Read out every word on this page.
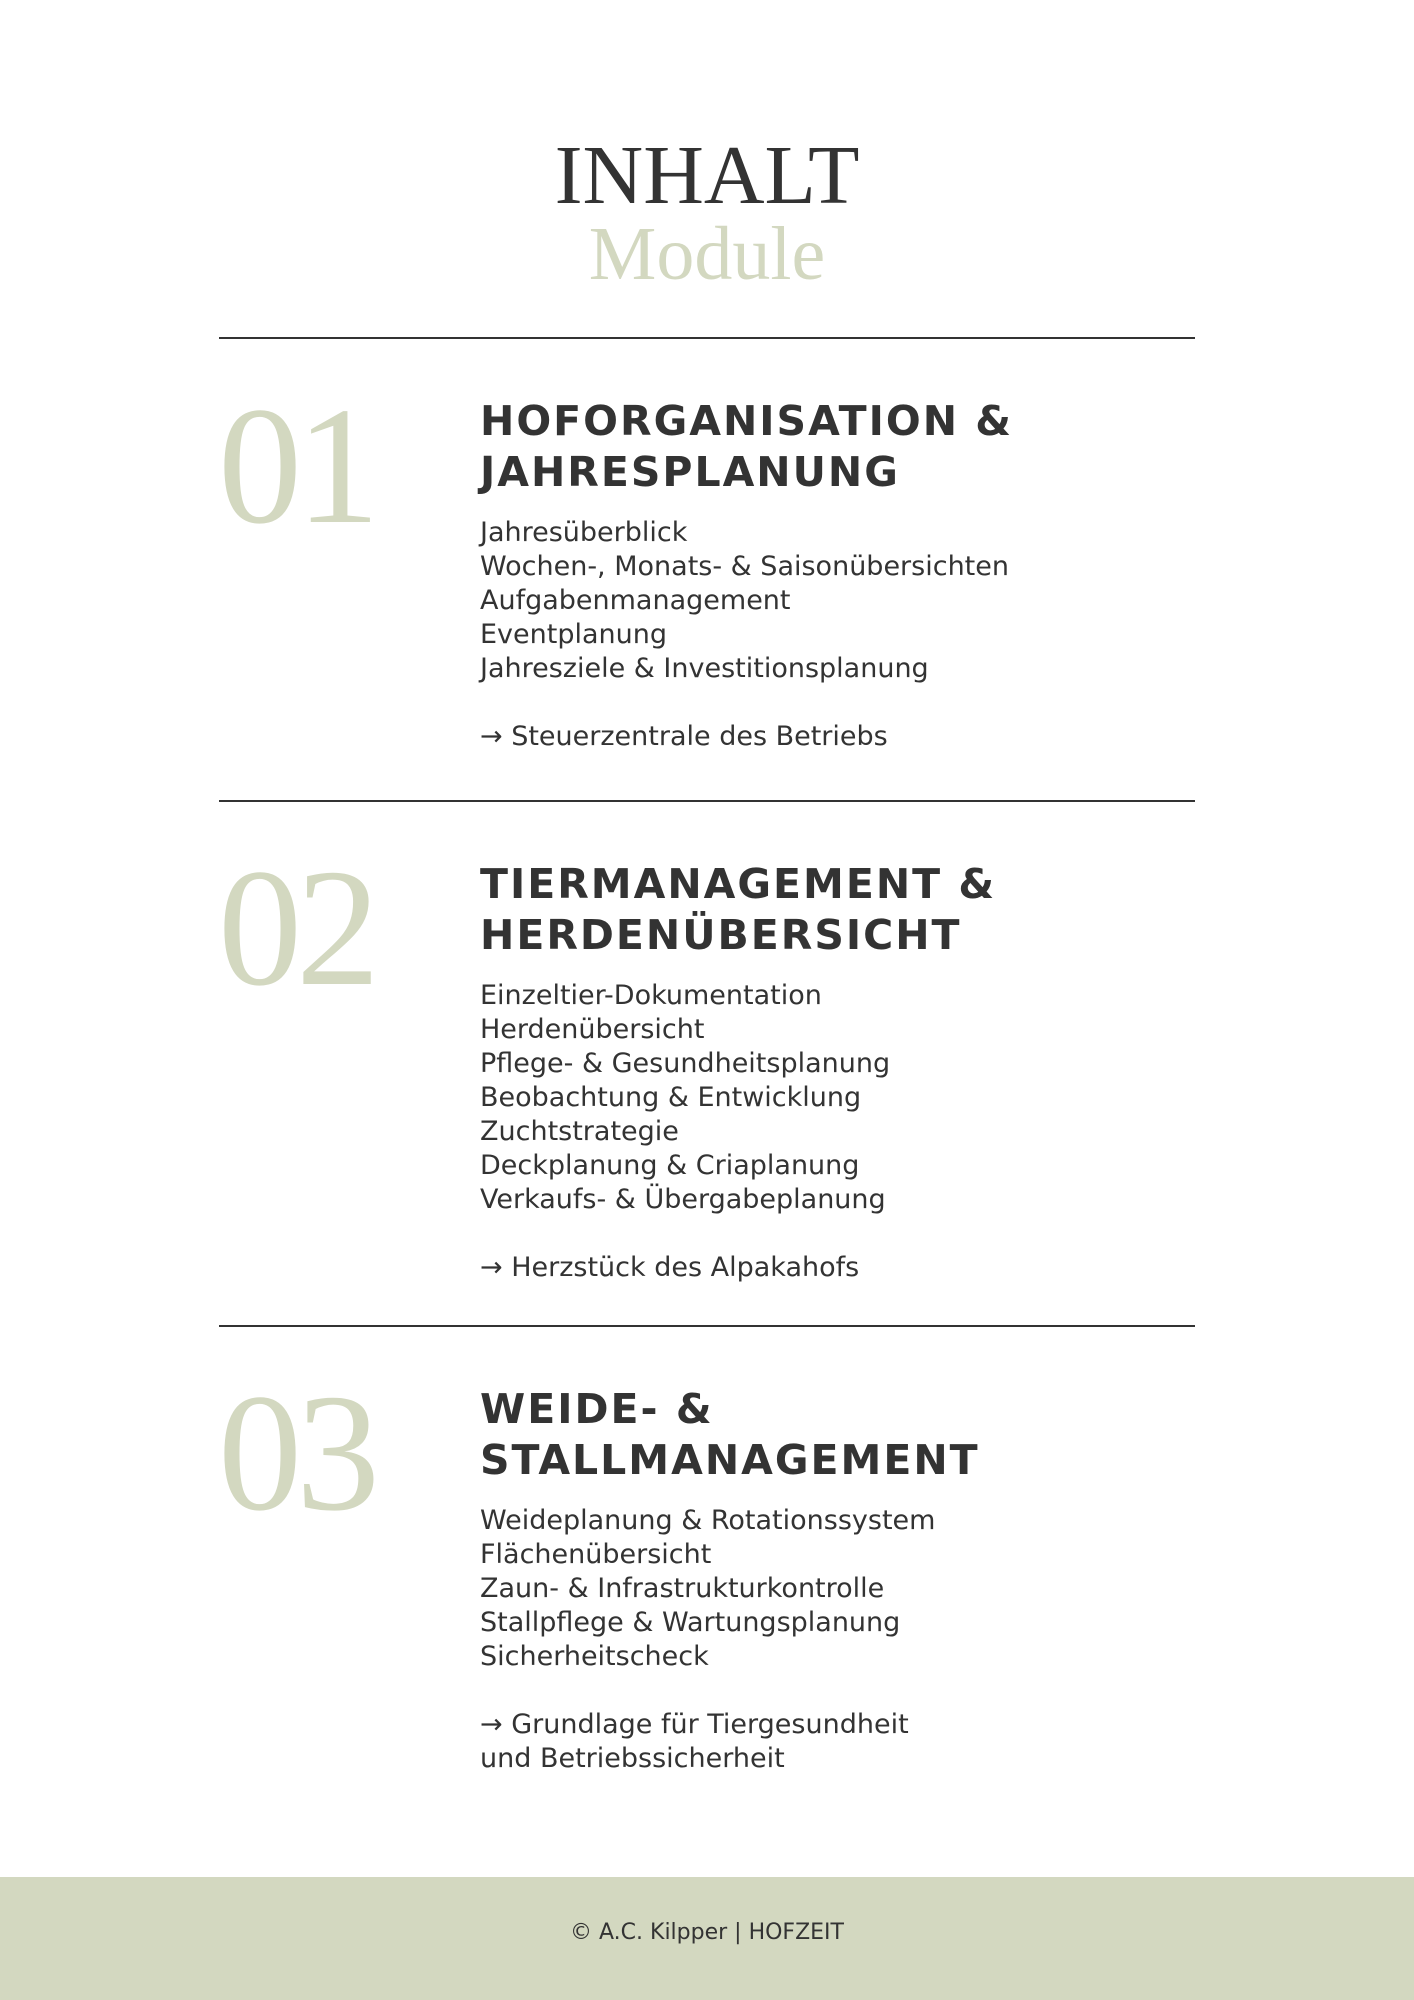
INHALT
Module
01	HOFORGANISATION &
JAHRESPLANUNG
Jahresüberblick
Wochen-, Monats- & Saisonübersichten
Aufgabenmanagement
Eventplanung
Jahresziele & Investitionsplanung
→ Steuerzentrale des Betriebs
02	TIERMANAGEMENT &
HERDENÜBERSICHT
Einzeltier-Dokumentation
Herdenübersicht
Pflege- & Gesundheitsplanung
Beobachtung & Entwicklung
Zuchtstrategie
Deckplanung & Criaplanung
Verkaufs- & Übergabeplanung
→ Herzstück des Alpakahofs
03	WEIDE- &
STALLMANAGEMENT
Weideplanung & Rotationssystem
Flächenübersicht
Zaun- & Infrastrukturkontrolle
Stallpflege & Wartungsplanung
Sicherheitscheck
→ Grundlage für Tiergesundheit
und Betriebssicherheit
© A.C. Kilpper | HOFZEIT
